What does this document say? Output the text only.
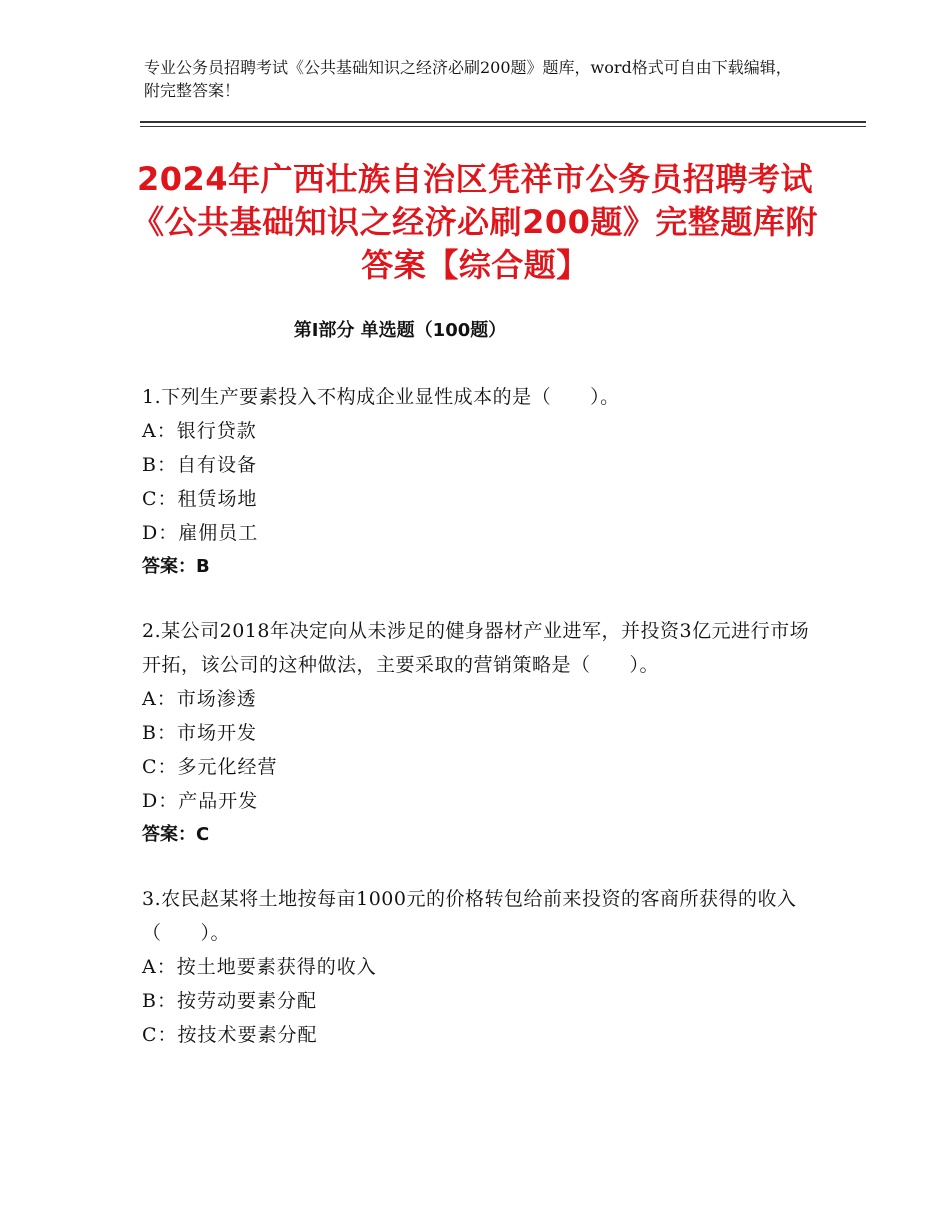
专业公务员招聘考试《公共基础知识之经济必刷200题》题库，word格式可自由下载编辑，附完整答案！
2024年广西壮族自治区凭祥市公务员招聘考试《公共基础知识之经济必刷200题》完整题库附答案【综合题】
第Ⅰ部分 单选题（100题）
1.下列生产要素投入不构成企业显性成本的是（　　）。
A：银行贷款
B：自有设备
C：租赁场地
D：雇佣员工
答案：B
2.某公司2018年决定向从未涉足的健身器材产业进军，并投资3亿元进行市场开拓，该公司的这种做法，主要采取的营销策略是（　　）。
A：市场渗透
B：市场开发
C：多元化经营
D：产品开发
答案：C
3.农民赵某将土地按每亩1000元的价格转包给前来投资的客商所获得的收入（　　）。
A：按土地要素获得的收入
B：按劳动要素分配
C：按技术要素分配
